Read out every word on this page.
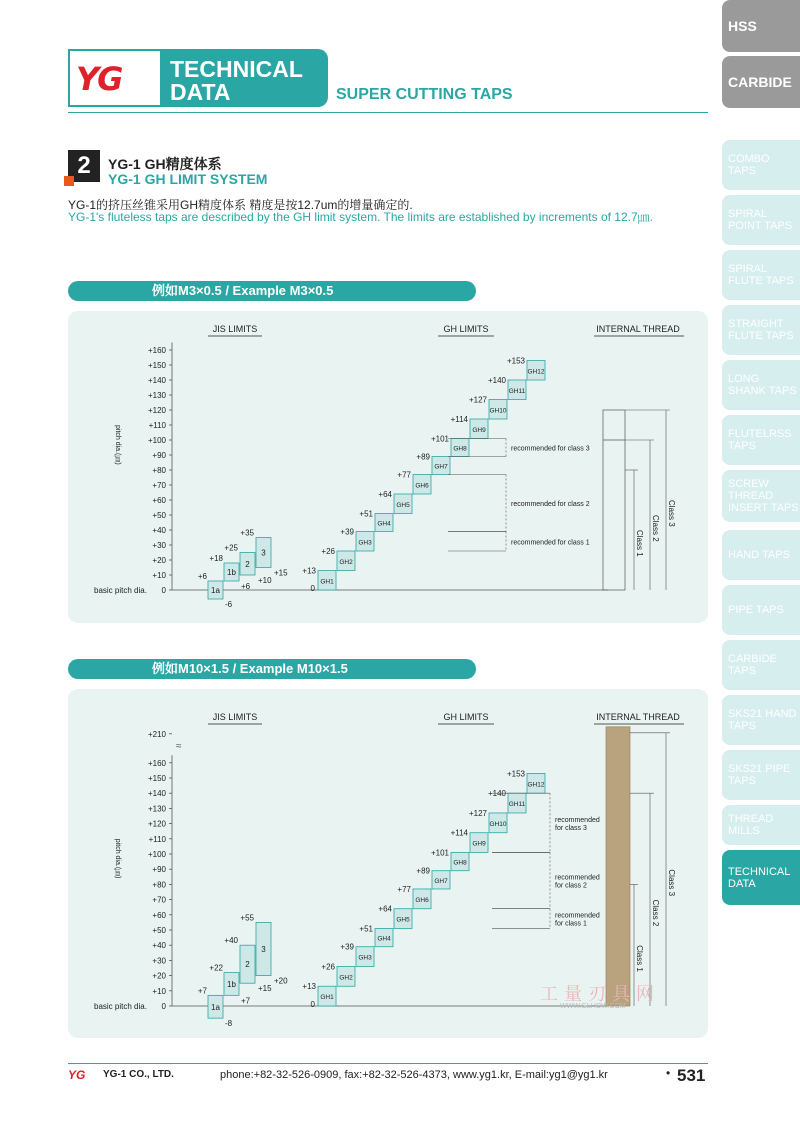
YG	TECHNICAL
DATA	SUPER CUTTING TAPS
HSS
CARBIDE
COMBO TAPS
SPIRAL POINT TAPS
SPIRAL FLUTE TAPS
STRAIGHT FLUTE TAPS
LONG SHANK TAPS
FLUTELRSS TAPS
SCREW THREAD INSERT TAPS
HAND TAPS
PIPE TAPS
CARBIDE TAPS
SKS21 HAND TAPS
SKS21 PIPE TAPS
THREAD MILLS
TECHNICAL DATA
2	YG-1 GH精度体系
YG-1 GH LIMIT SYSTEM
YG-1的挤压丝锥采用GH精度体系 精度是按12.7um的增量确定的.
YG-1's fluteless taps are described by the GH limit system. The limits are established by increments of 12.7㎛.
例如M3×0.5 / Example M3×0.5
JIS LIMITS	GH LIMITS	INTERNAL THREAD
+160
+150
+140
+130
+120
+110
+100
+90
+80
+70
+60
+50
+40
+30
+20
+10
0
pitch dia.(㎛)
basic pitch dia.	1a
+6
-6
1b
+18
+6
2
+25
+10
3
+35
+15
GH1
+13
0
GH2
+26
GH3
+39
GH4
+51
GH5
+64
GH6
+77
GH7
+89
GH8
+101
GH9
+114
GH10
+127
GH11
+140
GH12
+153
recommended for class 3
recommended for class 2
recommended for class 1	Class 1
Class 2
Class 3
例如M10×1.5 / Example M10×1.5
JIS LIMITS	GH LIMITS	INTERNAL THREAD
+160
+150
+140
+130
+120
+110
+100
+90
+80
+70
+60
+50
+40
+30
+20
+10
0
+210
≈
pitch dia.(㎛)
basic pitch dia.	1a
+7
-8
1b
+22
+7
2
+40
+15
3
+55
+20
GH1
+13
0
GH2
+26
GH3
+39
GH4
+51
GH5
+64
GH6
+77
GH7
+89
GH8
+101
GH9
+114
GH10
+127
GH11
+140
GH12
+153
recommended
for class 3
recommended
for class 2
recommended
for class 1
Class 1
Class 2
Class 3
工量刃具网
WWW.GLHOW.COM
YG YG-1 CO., LTD.	phone:+82-32-526-0909, fax:+82-32-526-4373, www.yg1.kr, E-mail:yg1@yg1.kr	• 531
